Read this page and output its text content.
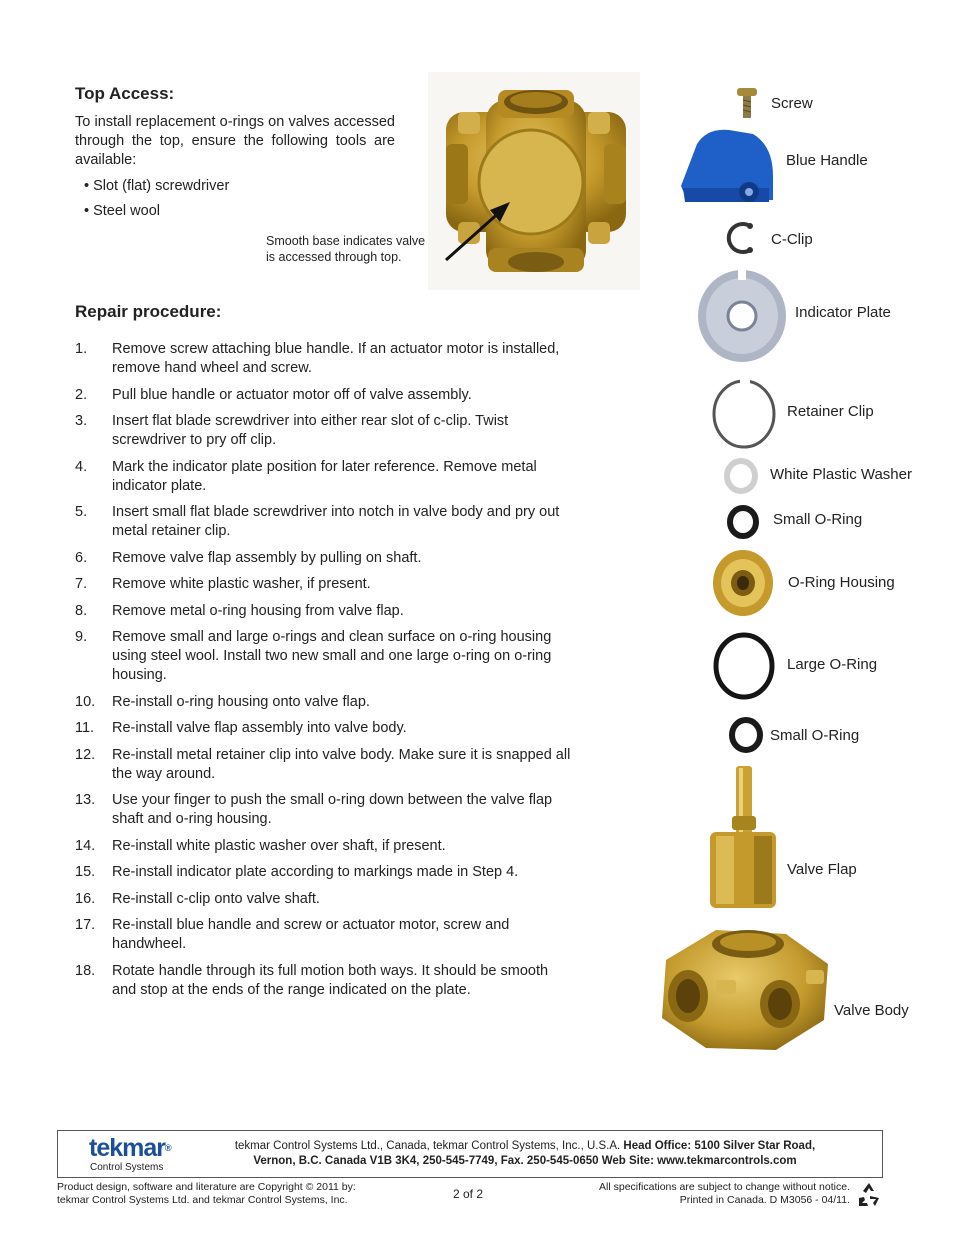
Top Access:

To install replacement o-rings on valves accessed through the top, ensure the following tools are available:

• Slot (flat) screwdriver
• Steel wool
Smooth base indicates valve
is accessed through top.
Repair procedure:
1.	Remove screw attaching blue handle. If an actuator motor is installed, remove hand wheel and screw.
2.	Pull blue handle or actuator motor off of valve assembly.
3.	Insert flat blade screwdriver into either rear slot of c-clip. Twist screwdriver to pry off clip.
4.	Mark the indicator plate position for later reference. Remove metal indicator plate.
5.	Insert small flat blade screwdriver into notch in valve body and pry out metal retainer clip.
6.	Remove valve flap assembly by pulling on shaft.
7.	Remove white plastic washer, if present.
8.	Remove metal o-ring housing from valve flap.
9.	Remove small and large o-rings and clean surface on o-ring housing using steel wool. Install two new small and one large o-ring on o-ring housing.
10.	Re-install o-ring housing onto valve flap.
11.	Re-install valve flap assembly into valve body.
12.	Re-install metal retainer clip into valve body. Make sure it is snapped all the way around.
13.	Use your finger to push the small o-ring down between the valve flap shaft and o-ring housing.
14.	Re-install white plastic washer over shaft, if present.
15.	Re-install indicator plate according to markings made in Step 4.
16.	Re-install c-clip onto valve shaft.
17.	Re-install blue handle and screw or actuator motor, screw and handwheel.
18.	Rotate handle through its full motion both ways. It should be smooth and stop at the ends of the range indicated on the plate.
Screw
Blue Handle
C-Clip
Indicator Plate
Retainer Clip
White Plastic Washer
Small O-Ring
O-Ring Housing
Large O-Ring
Small O-Ring
Valve Flap
Valve Body
tekmar®
Control Systems
tekmar Control Systems Ltd., Canada, tekmar Control Systems, Inc., U.S.A. Head Office: 5100 Silver Star Road,
Vernon, B.C. Canada V1B 3K4, 250-545-7749, Fax. 250-545-0650 Web Site: www.tekmarcontrols.com
Product design, software and literature are Copyright © 2011 by:
tekmar Control Systems Ltd. and tekmar Control Systems, Inc.	2 of 2	All specifications are subject to change without notice.
Printed in Canada. D M3056 - 04/11.
